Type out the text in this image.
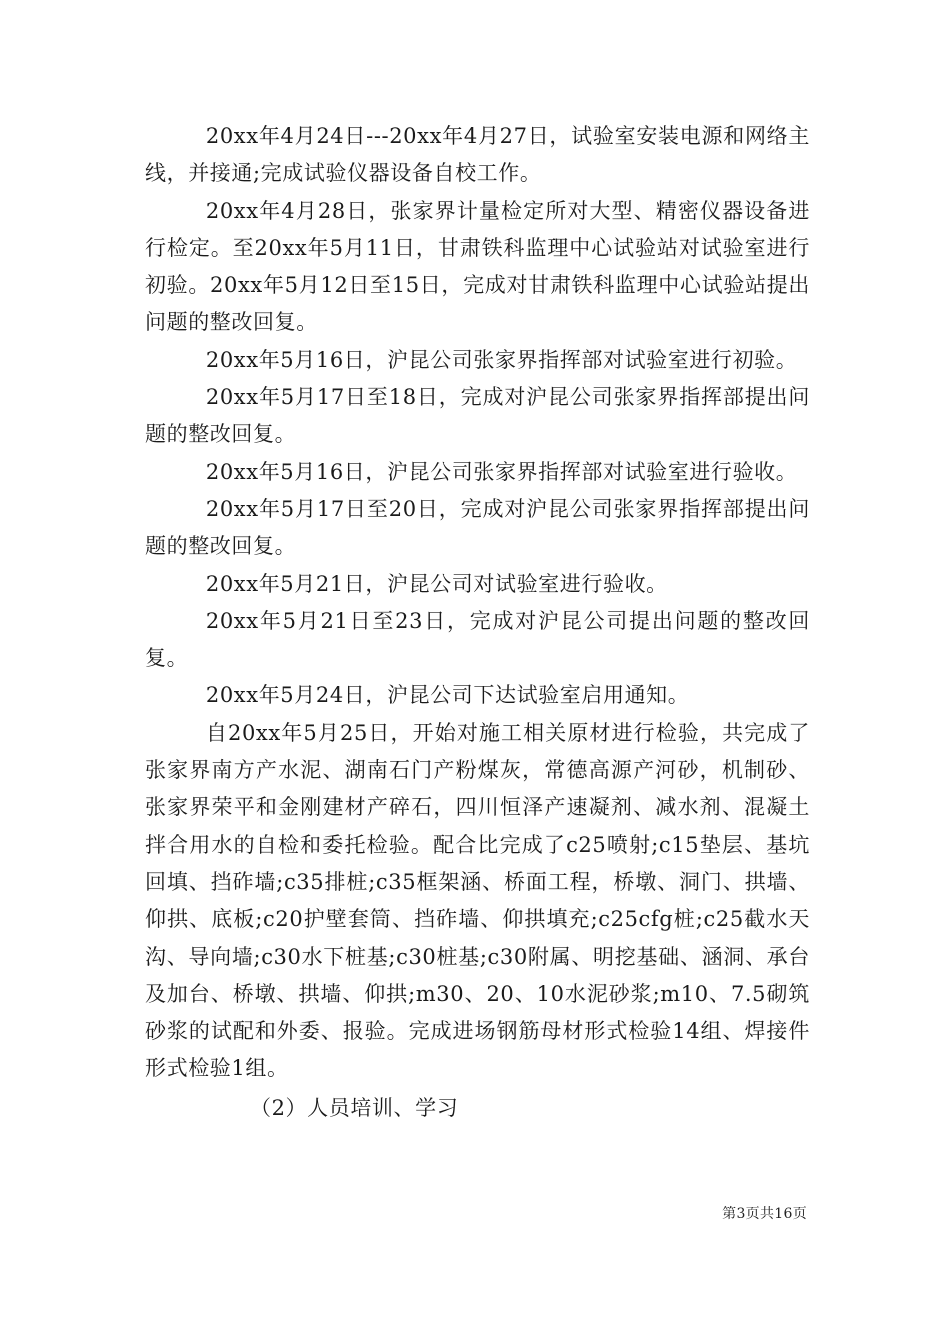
20xx年4月24日---20xx年4月27日，试验室安装电源和网络主线，并接通;完成试验仪器设备自校工作。

20xx年4月28日，张家界计量检定所对大型、精密仪器设备进行检定。至20xx年5月11日，甘肃铁科监理中心试验站对试验室进行初验。20xx年5月12日至15日，完成对甘肃铁科监理中心试验站提出问题的整改回复。

20xx年5月16日，沪昆公司张家界指挥部对试验室进行初验。

20xx年5月17日至18日，完成对沪昆公司张家界指挥部提出问题的整改回复。

20xx年5月16日，沪昆公司张家界指挥部对试验室进行验收。

20xx年5月17日至20日，完成对沪昆公司张家界指挥部提出问题的整改回复。

20xx年5月21日，沪昆公司对试验室进行验收。

20xx年5月21日至23日，完成对沪昆公司提出问题的整改回复。

20xx年5月24日，沪昆公司下达试验室启用通知。

自20xx年5月25日，开始对施工相关原材进行检验，共完成了张家界南方产水泥、湖南石门产粉煤灰，常德高源产河砂，机制砂、张家界荣平和金刚建材产碎石，四川恒泽产速凝剂、减水剂、混凝土拌合用水的自检和委托检验。配合比完成了c25喷射;c15垫层、基坑回填、挡砟墙;c35排桩;c35框架涵、桥面工程，桥墩、洞门、拱墙、仰拱、底板;c20护壁套筒、挡砟墙、仰拱填充;c25cfg桩;c25截水天沟、导向墙;c30水下桩基;c30桩基;c30附属、明挖基础、涵洞、承台及加台、桥墩、拱墙、仰拱;m30、20、10水泥砂浆;m10、7.5砌筑砂浆的试配和外委、报验。完成进场钢筋母材形式检验14组、焊接件形式检验1组。

（2）人员培训、学习

第3页共16页
